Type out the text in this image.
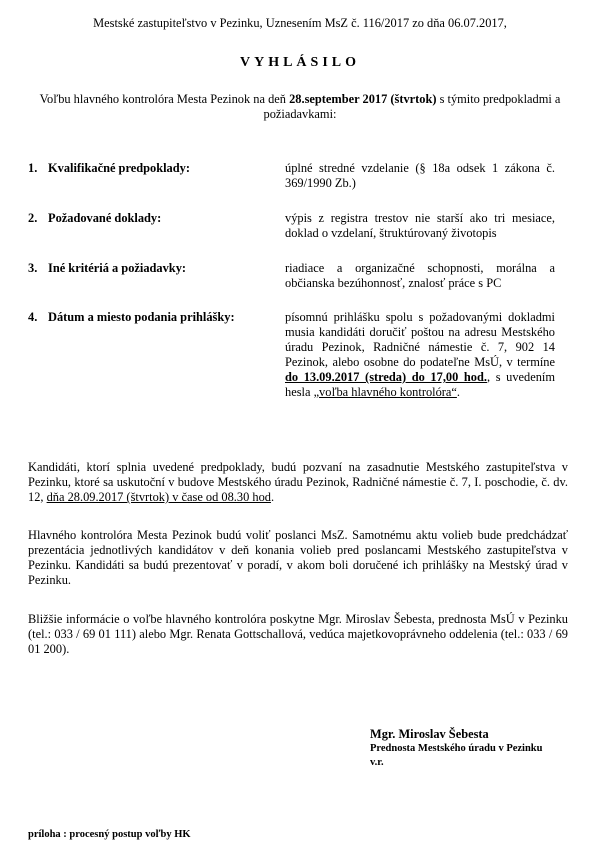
Mestské zastupiteľstvo v Pezinku, Uznesením MsZ č. 116/2017 zo dňa 06.07.2017,
VYHLÁSILO
Voľbu hlavného kontrolóra Mesta Pezinok na deň 28.september 2017 (štvrtok) s týmito predpokladmi a požiadavkami:
1. Kvalifikačné predpoklady:	úplné stredné vzdelanie (§ 18a odsek 1 zákona č. 369/1990 Zb.)
2. Požadované doklady:	výpis z registra trestov nie starší ako tri mesiace, doklad o vzdelaní, štruktúrovaný životopis
3. Iné kritériá a požiadavky:	riadiace a organizačné schopnosti, morálna a občianska bezúhonnosť, znalosť práce s PC
4. Dátum a miesto podania prihlášky:	písomnú prihlášku spolu s požadovanými dokladmi musia kandidáti doručiť poštou na adresu Mestského úradu Pezinok, Radničné námestie č. 7, 902 14 Pezinok, alebo osobne do podateľne MsÚ, v termíne do 13.09.2017 (streda) do 17,00 hod., s uvedením hesla „voľba hlavného kontrolóra“.
Kandidáti, ktorí splnia uvedené predpoklady, budú pozvaní na zasadnutie Mestského zastupiteľstva v Pezinku, ktoré sa uskutoční v budove Mestského úradu Pezinok, Radničné námestie č. 7, I. poschodie, č. dv. 12, dňa 28.09.2017 (štvrtok) v čase od 08.30 hod.
Hlavného kontrolóra Mesta Pezinok budú voliť poslanci MsZ. Samotnému aktu volieb bude predchádzať prezentácia jednotlivých kandidátov v deň konania volieb pred poslancami Mestského zastupiteľstva v Pezinku. Kandidáti sa budú prezentovať v poradí, v akom boli doručené ich prihlášky na Mestský úrad v Pezinku.
Bližšie informácie o voľbe hlavného kontrolóra poskytne Mgr. Miroslav Šebesta, prednosta MsÚ v Pezinku (tel.: 033 / 69 01 111) alebo Mgr. Renata Gottschallová, vedúca majetkovoprávneho oddelenia (tel.: 033 / 69 01 200).
Mgr. Miroslav Šebesta
Prednosta Mestského úradu v Pezinku
v.r.
príloha : procesný postup voľby HK
